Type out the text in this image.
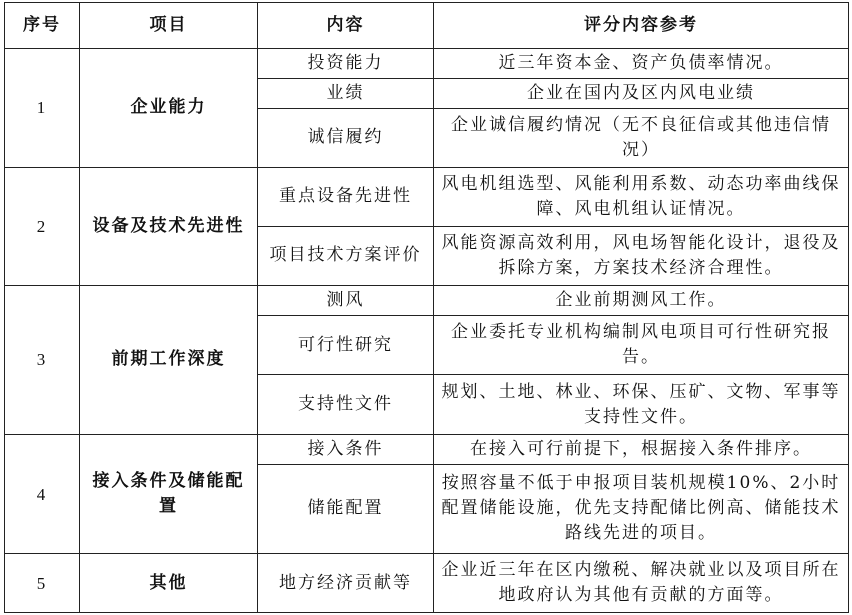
序号	项目	内容	评分内容参考
1	企业能力	投资能力	近三年资本金、资产负债率情况。
		业绩	企业在国内及区内风电业绩
		诚信履约	企业诚信履约情况（无不良征信或其他违信情况）
2	设备及技术先进性	重点设备先进性	风电机组选型、风能利用系数、动态功率曲线保障、风电机组认证情况。
		项目技术方案评价	风能资源高效利用，风电场智能化设计，退役及拆除方案，方案技术经济合理性。
3	前期工作深度	测风	企业前期测风工作。
		可行性研究	企业委托专业机构编制风电项目可行性研究报告。
		支持性文件	规划、土地、林业、环保、压矿、文物、军事等支持性文件。
4	接入条件及储能配置	接入条件	在接入可行前提下，根据接入条件排序。
		储能配置	按照容量不低于申报项目装机规模10%、2小时配置储能设施，优先支持配储比例高、储能技术路线先进的项目。
5	其他	地方经济贡献等	企业近三年在区内缴税、解决就业以及项目所在地政府认为其他有贡献的方面等。
